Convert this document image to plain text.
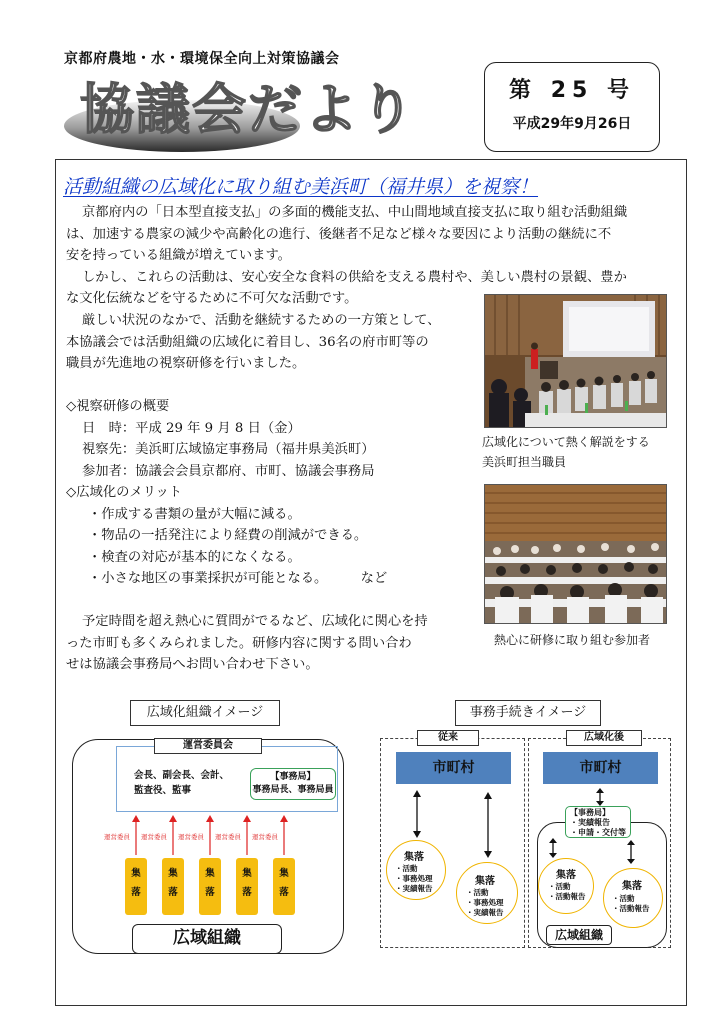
京都府農地・水・環境保全向上対策協議会
協議会だより	第 25 号
平成29年9月26日
活動組織の広域化に取り組む美浜町（福井県）を視察！
京都府内の「日本型直接支払」の多面的機能支払、中山間地域直接支払に取り組む活動組織
は、加速する農家の減少や高齢化の進行、後継者不足など様々な要因により活動の継続に不
安を持っている組織が増えています。
しかし、これらの活動は、安心安全な食料の供給を支える農村や、美しい農村の景観、豊か
な文化伝統などを守るために不可欠な活動です。
厳しい状況のなかで、活動を継続するための一方策として、
本協議会では活動組織の広域化に着目し、36名の府市町等の
職員が先進地の視察研修を行いました。
◇視察研修の概要
日　時：平成 29 年 9 月 8 日（金）
視察先：美浜町広域協定事務局（福井県美浜町）
参加者：協議会会員京都府、市町、協議会事務局
◇広域化のメリット
・作成する書類の量が大幅に減る。
・物品の一括発注により経費の削減ができる。
・検査の対応が基本的になくなる。
・小さな地区の事業採択が可能となる。　　　など
予定時間を超え熱心に質問がでるなど、広域化に関心を持
った市町も多くみられました。研修内容に関する問い合わ
せは協議会事務局へお問い合わせ下さい。
広域化について熱く解説をする
美浜町担当職員
熱心に研修に取り組む参加者
広域化組織イメージ
運営委員会
会長、副会長、会計、
監査役、監事
【事務局】
事務局長、事務局員
運営委員 運営委員 運営委員 運営委員 運営委員
集
落
集
落
集
落
集
落
集
落
広域組織
事務手続きイメージ
従来	広域化後
市町村	市町村
集落
・活動
・事務処理
・実績報告
集落
・活動
・事務処理
・実績報告
【事務局】
・実績報告
・申請・交付等
集落
・活動
・活動報告
集落
・活動
・活動報告
広域組織
